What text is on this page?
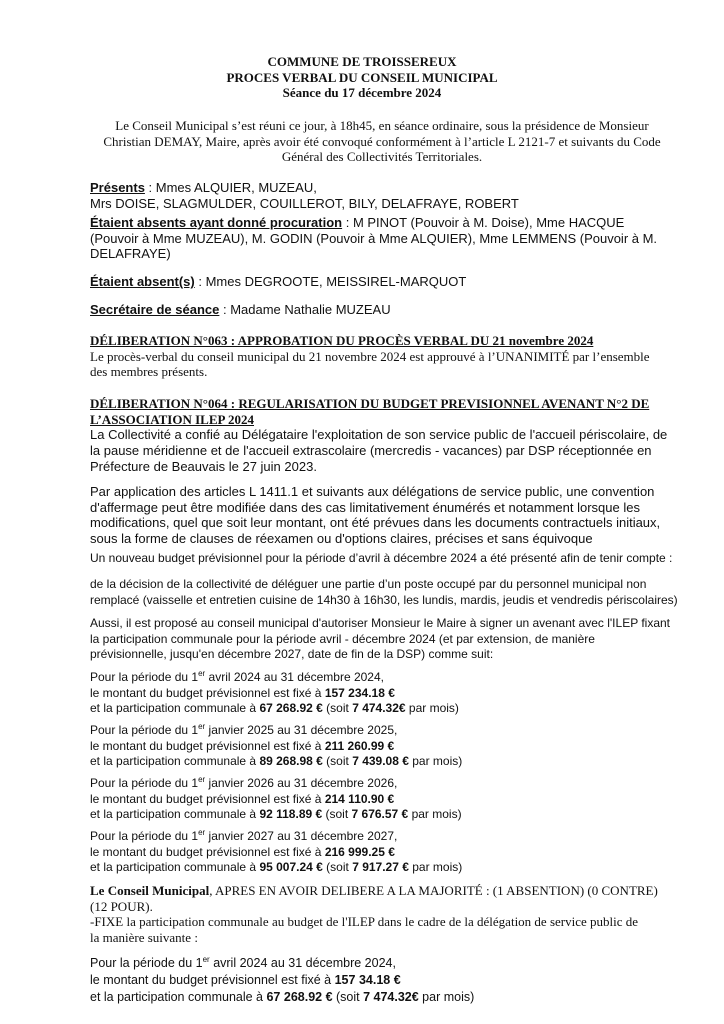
COMMUNE DE TROISSEREUX
PROCES VERBAL DU CONSEIL MUNICIPAL
Séance du 17 décembre 2024
Le Conseil Municipal s’est réuni ce jour, à 18h45, en séance ordinaire, sous la présidence de Monsieur
Christian DEMAY, Maire, après avoir été convoqué conformément à l’article L 2121-7 et suivants du Code
Général des Collectivités Territoriales.
Présents : Mmes ALQUIER, MUZEAU,
Mrs DOISE, SLAGMULDER, COUILLEROT, BILY, DELAFRAYE, ROBERT
Étaient absents ayant donné procuration : M PINOT (Pouvoir à M. Doise), Mme HACQUE
(Pouvoir à Mme MUZEAU), M. GODIN (Pouvoir à Mme ALQUIER), Mme LEMMENS (Pouvoir à M.
DELAFRAYE)
Étaient absent(s) : Mmes DEGROOTE, MEISSIREL-MARQUOT
Secrétaire de séance : Madame Nathalie MUZEAU
DÉLIBERATION N°063 : APPROBATION DU PROCÈS VERBAL DU 21 novembre 2024
Le procès-verbal du conseil municipal du 21 novembre 2024 est approuvé à l’UNANIMITÉ par l’ensemble
des membres présents.
DÉLIBERATION N°064 : REGULARISATION DU BUDGET PREVISIONNEL AVENANT N°2 DE
L’ASSOCIATION ILEP 2024
La Collectivité a confié au Délégataire l'exploitation de son service public de l'accueil périscolaire, de
la pause méridienne et de l'accueil extrascolaire (mercredis - vacances) par DSP réceptionnée en
Préfecture de Beauvais le 27 juin 2023.
Par application des articles L 1411.1 et suivants aux délégations de service public, une convention
d'affermage peut être modifiée dans des cas limitativement énumérés et notamment lorsque les
modifications, quel que soit leur montant, ont été prévues dans les documents contractuels initiaux,
sous la forme de clauses de réexamen ou d'options claires, précises et sans équivoque
Un nouveau budget prévisionnel pour la période d’avril à décembre 2024 a été présenté afin de tenir compte :
de la décision de la collectivité de déléguer une partie d’un poste occupé par du personnel municipal non
remplacé (vaisselle et entretien cuisine de 14h30 à 16h30, les lundis, mardis, jeudis et vendredis périscolaires)
Aussi, il est proposé au conseil municipal d'autoriser Monsieur le Maire à signer un avenant avec l'ILEP fixant
la participation communale pour la période avril - décembre 2024 (et par extension, de manière
prévisionnelle, jusqu'en décembre 2027, date de fin de la DSP) comme suit:
Pour la période du 1er avril 2024 au 31 décembre 2024,
le montant du budget prévisionnel est fixé à 157 234.18 €
et la participation communale à 67 268.92 € (soit 7 474.32€ par mois)
Pour la période du 1er janvier 2025 au 31 décembre 2025,
le montant du budget prévisionnel est fixé à 211 260.99 €
et la participation communale à 89 268.98 € (soit 7 439.08 € par mois)
Pour la période du 1er janvier 2026 au 31 décembre 2026,
le montant du budget prévisionnel est fixé à 214 110.90 €
et la participation communale à 92 118.89 € (soit 7 676.57 € par mois)
Pour la période du 1er janvier 2027 au 31 décembre 2027,
le montant du budget prévisionnel est fixé à 216 999.25 €
et la participation communale à 95 007.24 € (soit 7 917.27 € par mois)
Le Conseil Municipal, APRES EN AVOIR DELIBERE A LA MAJORITÉ : (1 ABSENTION) (0 CONTRE)
(12 POUR).
-FIXE la participation communale au budget de l'ILEP dans le cadre de la délégation de service public de
la manière suivante :
Pour la période du 1er avril 2024 au 31 décembre 2024,
le montant du budget prévisionnel est fixé à 157 34.18 €
et la participation communale à 67 268.92 € (soit 7 474.32€ par mois)
